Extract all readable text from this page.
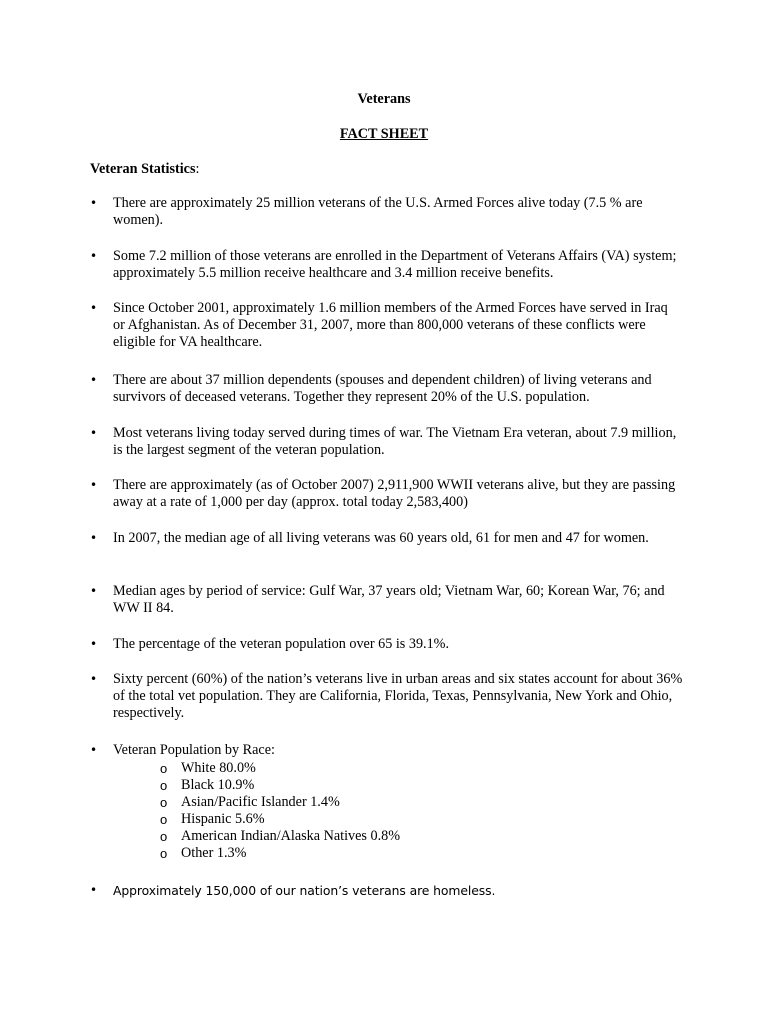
Veterans

FACT SHEET

Veteran Statistics:

•	There are approximately 25 million veterans of the U.S. Armed Forces alive today (7.5 % are women).
•	Some 7.2 million of those veterans are enrolled in the Department of Veterans Affairs (VA) system; approximately 5.5 million receive healthcare and 3.4 million receive benefits.
•	Since October 2001, approximately 1.6 million members of the Armed Forces have served in Iraq or Afghanistan. As of December 31, 2007, more than 800,000 veterans of these conflicts were eligible for VA healthcare.
•	There are about 37 million dependents (spouses and dependent children) of living veterans and survivors of deceased veterans. Together they represent 20% of the U.S. population.
•	Most veterans living today served during times of war. The Vietnam Era veteran, about 7.9 million, is the largest segment of the veteran population.
•	There are approximately (as of October 2007) 2,911,900 WWII veterans alive, but they are passing away at a rate of 1,000 per day (approx. total today 2,583,400)
•	In 2007, the median age of all living veterans was 60 years old, 61 for men and 47 for women.
•	Median ages by period of service: Gulf War, 37 years old; Vietnam War, 60; Korean War, 76; and WW II 84.
•	The percentage of the veteran population over 65 is 39.1%.
•	Sixty percent (60%) of the nation’s veterans live in urban areas and six states account for about 36% of the total vet population. They are California, Florida, Texas, Pennsylvania, New York and Ohio, respectively.
•	Veteran Population by Race:
•	Approximately 150,000 of our nation’s veterans are homeless.
o White 80.0%
o Black 10.9%
o Asian/Pacific Islander 1.4%
o Hispanic 5.6%
o American Indian/Alaska Natives 0.8%
o Other 1.3%
